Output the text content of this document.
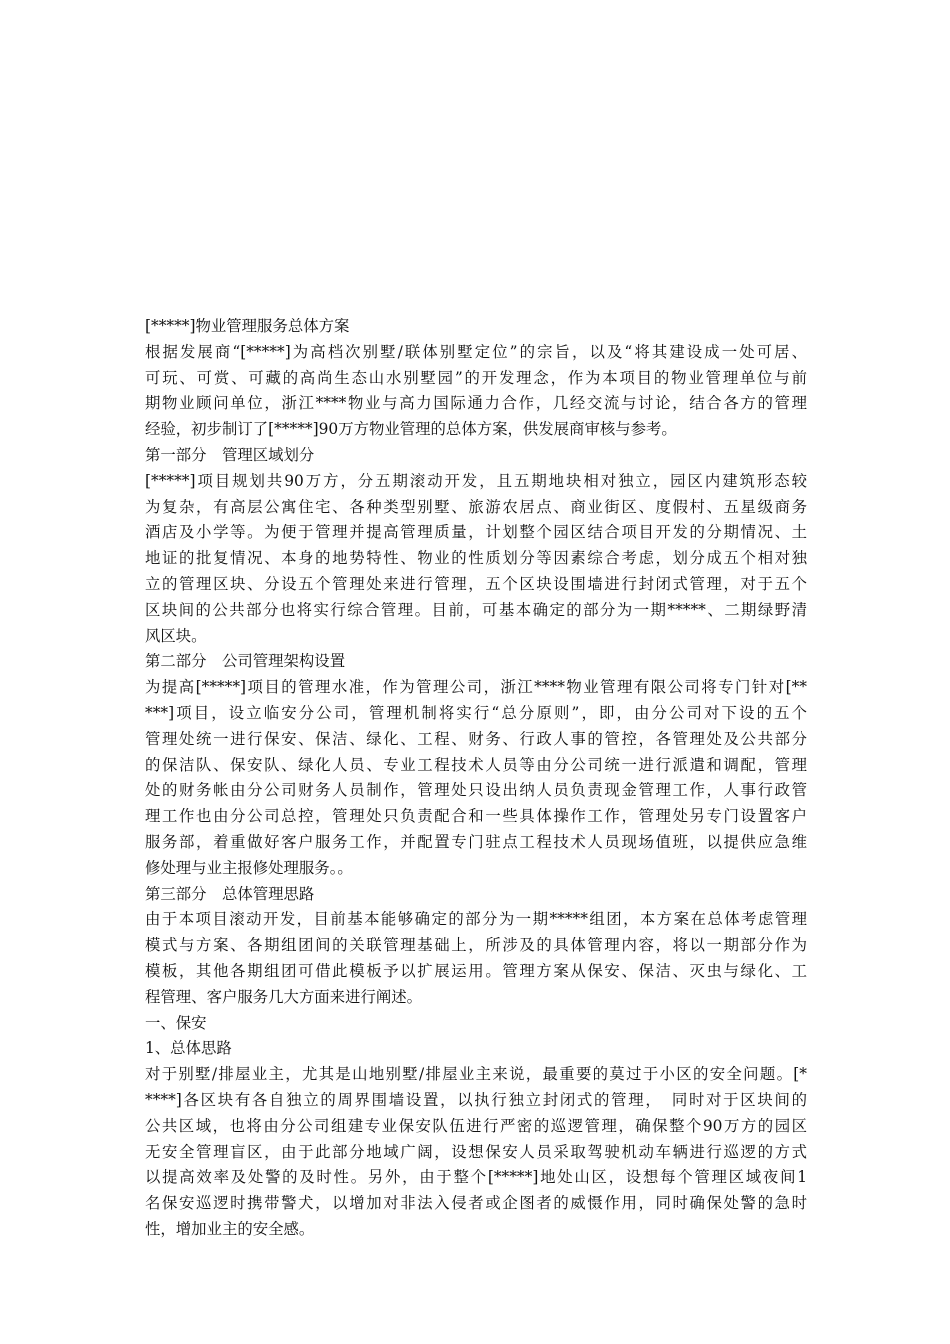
[*****]物业管理服务总体方案
根据发展商“[*****]为高档次别墅/联体别墅定位”的宗旨，以及“将其建设成一处可居、
可玩、可赏、可藏的高尚生态山水别墅园”的开发理念，作为本项目的物业管理单位与前
期物业顾问单位，浙江****物业与高力国际通力合作，几经交流与讨论，结合各方的管理
经验，初步制订了[*****]90万方物业管理的总体方案，供发展商审核与参考。
第一部分　管理区域划分
[*****]项目规划共90万方，分五期滚动开发，且五期地块相对独立，园区内建筑形态较
为复杂，有高层公寓住宅、各种类型别墅、旅游农居点、商业街区、度假村、五星级商务
酒店及小学等。为便于管理并提高管理质量，计划整个园区结合项目开发的分期情况、土
地证的批复情况、本身的地势特性、物业的性质划分等因素综合考虑，划分成五个相对独
立的管理区块、分设五个管理处来进行管理，五个区块设围墙进行封闭式管理，对于五个
区块间的公共部分也将实行综合管理。目前，可基本确定的部分为一期*****、二期绿野清
风区块。
第二部分　公司管理架构设置
为提高[*****]项目的管理水准，作为管理公司，浙江****物业管理有限公司将专门针对[**
***]项目，设立临安分公司，管理机制将实行“总分原则”，即，由分公司对下设的五个
管理处统一进行保安、保洁、绿化、工程、财务、行政人事的管控，各管理处及公共部分
的保洁队、保安队、绿化人员、专业工程技术人员等由分公司统一进行派遣和调配，管理
处的财务帐由分公司财务人员制作，管理处只设出纳人员负责现金管理工作，人事行政管
理工作也由分公司总控，管理处只负责配合和一些具体操作工作，管理处另专门设置客户
服务部，着重做好客户服务工作，并配置专门驻点工程技术人员现场值班，以提供应急维
修处理与业主报修处理服务。。
第三部分　总体管理思路
由于本项目滚动开发，目前基本能够确定的部分为一期*****组团，本方案在总体考虑管理
模式与方案、各期组团间的关联管理基础上，所涉及的具体管理内容，将以一期部分作为
模板，其他各期组团可借此模板予以扩展运用。管理方案从保安、保洁、灭虫与绿化、工
程管理、客户服务几大方面来进行阐述。
一、保安
1、总体思路
对于别墅/排屋业主，尤其是山地别墅/排屋业主来说，最重要的莫过于小区的安全问题。[*
****]各区块有各自独立的周界围墙设置，以执行独立封闭式的管理，　同时对于区块间的
公共区域，也将由分公司组建专业保安队伍进行严密的巡逻管理，确保整个90万方的园区
无安全管理盲区，由于此部分地域广阔，设想保安人员采取驾驶机动车辆进行巡逻的方式
以提高效率及处警的及时性。另外，由于整个[*****]地处山区，设想每个管理区域夜间1
名保安巡逻时携带警犬，以增加对非法入侵者或企图者的威慑作用，同时确保处警的急时
性，增加业主的安全感。
